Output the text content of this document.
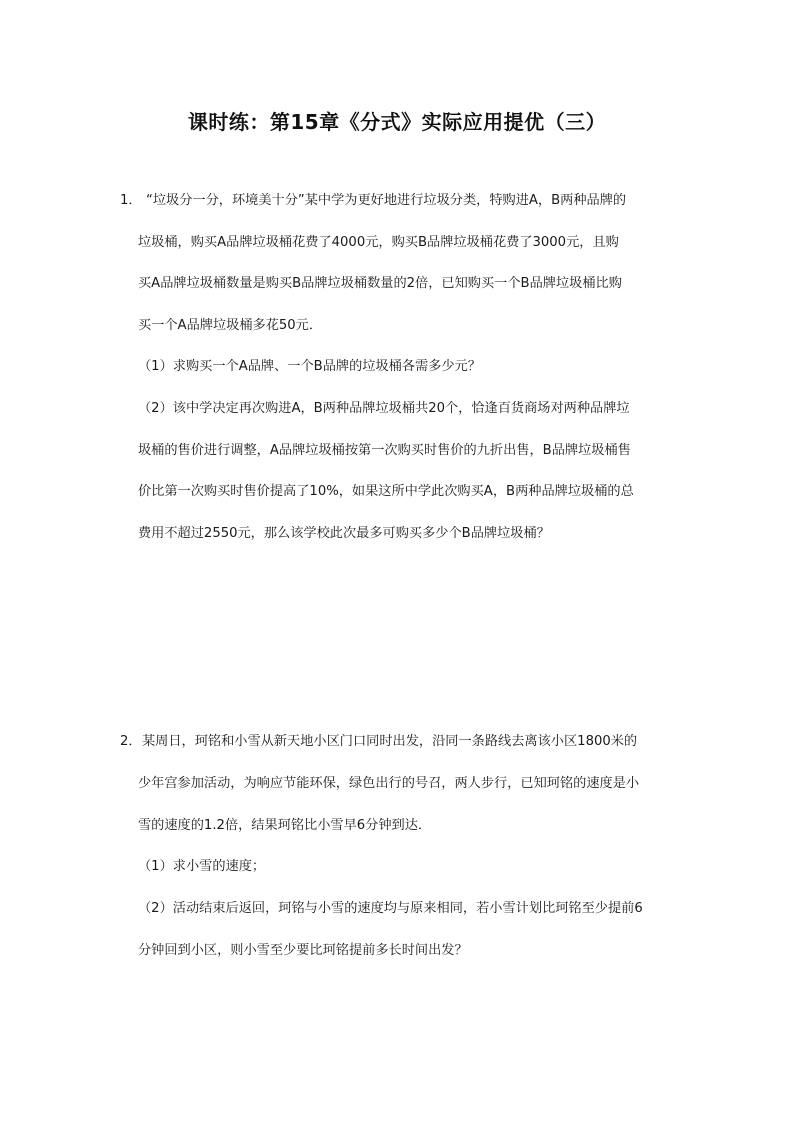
课时练：第15章《分式》实际应用提优（三）
1． “垃圾分一分，环境美十分”某中学为更好地进行垃圾分类，特购进A，B两种品牌的
垃圾桶，购买A品牌垃圾桶花费了4000元，购买B品牌垃圾桶花费了3000元，且购
买A品牌垃圾桶数量是购买B品牌垃圾桶数量的2倍，已知购买一个B品牌垃圾桶比购
买一个A品牌垃圾桶多花50元．
（1）求购买一个A品牌、一个B品牌的垃圾桶各需多少元？
（2）该中学决定再次购进A，B两种品牌垃圾桶共20个，恰逢百货商场对两种品牌垃
圾桶的售价进行调整，A品牌垃圾桶按第一次购买时售价的九折出售，B品牌垃圾桶售
价比第一次购买时售价提高了10%，如果这所中学此次购买A，B两种品牌垃圾桶的总
费用不超过2550元，那么该学校此次最多可购买多少个B品牌垃圾桶？
2． 某周日，珂铭和小雪从新天地小区门口同时出发，沿同一条路线去离该小区1800米的
少年宫参加活动，为响应节能环保，绿色出行的号召，两人步行，已知珂铭的速度是小
雪的速度的1.2倍，结果珂铭比小雪早6分钟到达．
（1）求小雪的速度；
（2）活动结束后返回，珂铭与小雪的速度均与原来相同，若小雪计划比珂铭至少提前6
分钟回到小区，则小雪至少要比珂铭提前多长时间出发？
